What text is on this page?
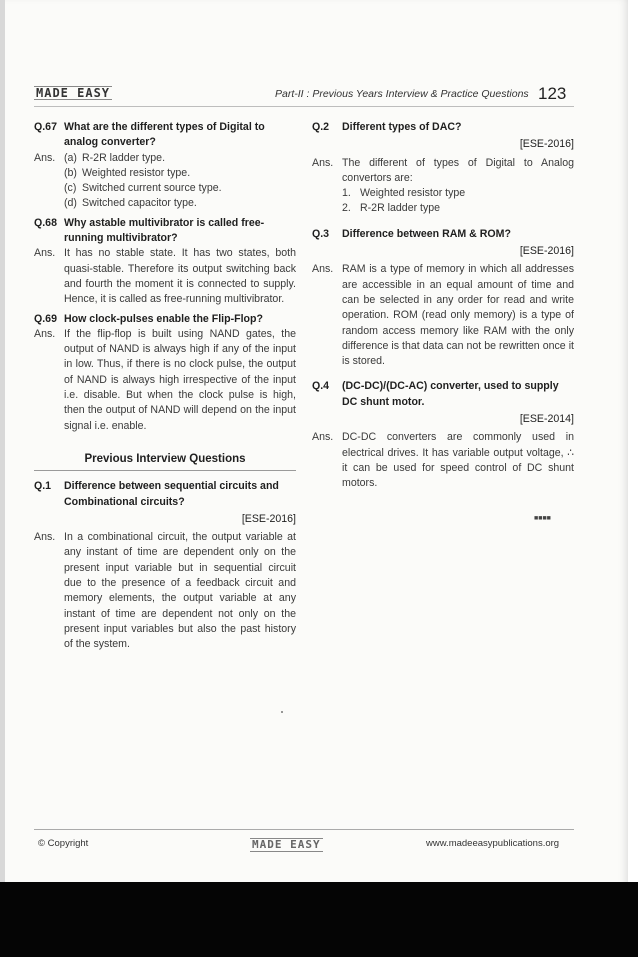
MADE EASY	Part-II : Previous Years Interview & Practice Questions 123
Q.67 What are the different types of Digital to analog converter?
Ans. (a) R-2R ladder type.
(b) Weighted resistor type.
(c) Switched current source type.
(d) Switched capacitor type.
Q.68 Why astable multivibrator is called free-running multivibrator?
Ans. It has no stable state. It has two states, both quasi-stable. Therefore its output switching back and fourth the moment it is connected to supply. Hence, it is called as free-running multivibrator.
Q.69 How clock-pulses enable the Flip-Flop?
Ans. If the flip-flop is built using NAND gates, the output of NAND is always high if any of the input in low. Thus, if there is no clock pulse, the output of NAND is always high irrespective of the input i.e. disable. But when the clock pulse is high, then the output of NAND will depend on the input signal i.e. enable.
Previous Interview Questions
Q.1	Difference between sequential circuits and Combinational circuits?
[ESE-2016]
Ans. In a combinational circuit, the output variable at any instant of time are dependent only on the present input variable but in sequential circuit due to the presence of a feedback circuit and memory elements, the output variable at any instant of time are dependent not only on the present input variables but also the past history of the system.
Q.2	Different types of DAC?
[ESE-2016]
Ans. The different of types of Digital to Analog convertors are:
1. Weighted resistor type
2. R-2R ladder type
Q.3	Difference between RAM & ROM?
[ESE-2016]
Ans. RAM is a type of memory in which all addresses are accessible in an equal amount of time and can be selected in any order for read and write operation. ROM (read only memory) is a type of random access memory like RAM with the only difference is that data can not be rewritten once it is stored.
Q.4	(DC-DC)/(DC-AC) converter, used to supply DC shunt motor.
[ESE-2014]
Ans. DC-DC converters are commonly used in electrical drives. It has variable output voltage, ∴ it can be used for speed control of DC shunt motors.
■■■■
© Copyright	MADE EASY	www.madeeasypublications.org
